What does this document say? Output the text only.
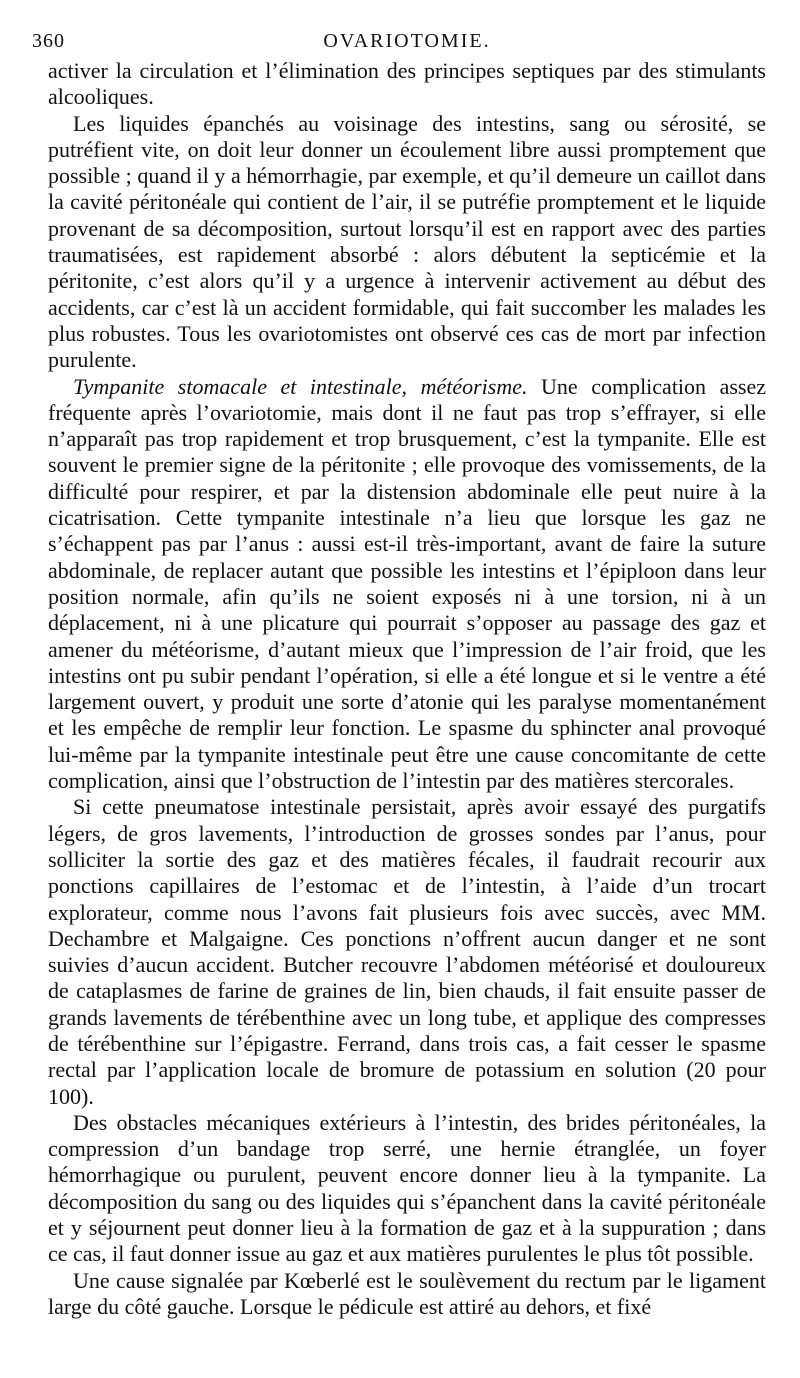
360	OVARIOTOMIE.

activer la circulation et l’élimination des principes septiques par des stimulants alcooliques.

Les liquides épanchés au voisinage des intestins, sang ou sérosité, se putréfient vite, on doit leur donner un écoulement libre aussi promptement que possible ; quand il y a hémorrhagie, par exemple, et qu’il demeure un caillot dans la cavité péritonéale qui contient de l’air, il se putréfie promptement et le liquide provenant de sa décomposition, surtout lorsqu’il est en rapport avec des parties traumatisées, est rapidement absorbé : alors débutent la septicémie et la péritonite, c’est alors qu’il y a urgence à intervenir activement au début des accidents, car c’est là un accident formidable, qui fait succomber les malades les plus robustes. Tous les ovariotomistes ont observé ces cas de mort par infection purulente.

Tympanite stomacale et intestinale, météorisme. Une complication assez fréquente après l’ovariotomie, mais dont il ne faut pas trop s’effrayer, si elle n’apparaît pas trop rapidement et trop brusquement, c’est la tympanite. Elle est souvent le premier signe de la péritonite ; elle provoque des vomissements, de la difficulté pour respirer, et par la distension abdominale elle peut nuire à la cicatrisation. Cette tympanite intestinale n’a lieu que lorsque les gaz ne s’échappent pas par l’anus : aussi est-il très-important, avant de faire la suture abdominale, de replacer autant que possible les intestins et l’épiploon dans leur position normale, afin qu’ils ne soient exposés ni à une torsion, ni à un déplacement, ni à une plicature qui pourrait s’opposer au passage des gaz et amener du météorisme, d’autant mieux que l’impression de l’air froid, que les intestins ont pu subir pendant l’opération, si elle a été longue et si le ventre a été largement ouvert, y produit une sorte d’atonie qui les paralyse momentanément et les empêche de remplir leur fonction. Le spasme du sphincter anal provoqué lui-même par la tympanite intestinale peut être une cause concomitante de cette complication, ainsi que l’obstruction de l’intestin par des matières stercorales.

Si cette pneumatose intestinale persistait, après avoir essayé des purgatifs légers, de gros lavements, l’introduction de grosses sondes par l’anus, pour solliciter la sortie des gaz et des matières fécales, il faudrait recourir aux ponctions capillaires de l’estomac et de l’intestin, à l’aide d’un trocart explorateur, comme nous l’avons fait plusieurs fois avec succès, avec MM. Dechambre et Malgaigne. Ces ponctions n’offrent aucun danger et ne sont suivies d’aucun accident. Butcher recouvre l’abdomen météorisé et douloureux de cataplasmes de farine de graines de lin, bien chauds, il fait ensuite passer de grands lavements de térébenthine avec un long tube, et applique des compresses de térébenthine sur l’épigastre. Ferrand, dans trois cas, a fait cesser le spasme rectal par l’application locale de bromure de potassium en solution (20 pour 100).

Des obstacles mécaniques extérieurs à l’intestin, des brides péritonéales, la compression d’un bandage trop serré, une hernie étranglée, un foyer hémorrhagique ou purulent, peuvent encore donner lieu à la tympanite. La décomposition du sang ou des liquides qui s’épanchent dans la cavité péritonéale et y séjournent peut donner lieu à la formation de gaz et à la suppuration ; dans ce cas, il faut donner issue au gaz et aux matières purulentes le plus tôt possible.

Une cause signalée par Kœberlé est le soulèvement du rectum par le ligament large du côté gauche. Lorsque le pédicule est attiré au dehors, et fixé
